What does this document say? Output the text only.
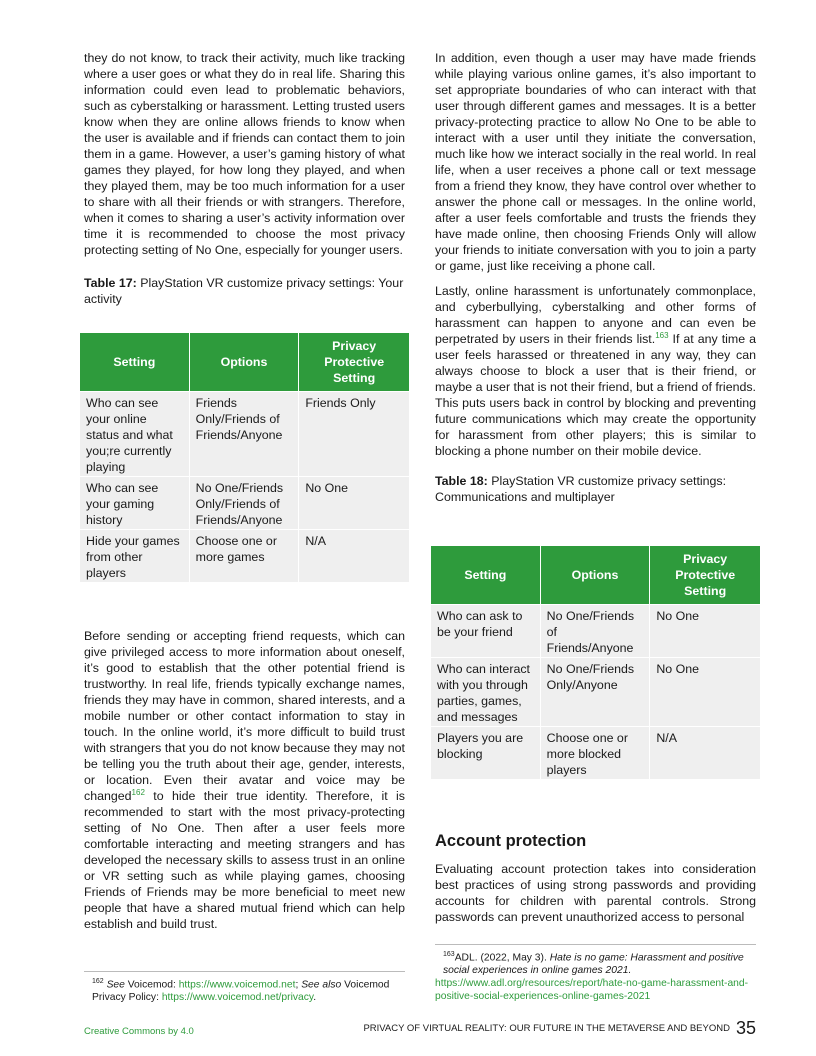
they do not know, to track their activity, much like tracking where a user goes or what they do in real life. Sharing this information could even lead to problematic behaviors, such as cyberstalking or harassment. Letting trusted users know when they are online allows friends to know when the user is available and if friends can contact them to join them in a game. However, a user’s gaming history of what games they played, for how long they played, and when they played them, may be too much information for a user to share with all their friends or with strangers. Therefore, when it comes to sharing a user’s activity information over time it is recommended to choose the most privacy protecting setting of No One, especially for younger users.

Table 17: PlayStation VR customize privacy settings: Your activity
Setting	Options	Privacy Protective Setting
Who can see your online status and what you;re currently playing	Friends Only/Friends of Friends/Anyone	Friends Only
Who can see your gaming history	No One/Friends Only/Friends of Friends/Anyone	No One
Hide your games from other players	Choose one or more games	N/A

Before sending or accepting friend requests, which can give privileged access to more information about oneself, it’s good to establish that the other potential friend is trustworthy. In real life, friends typically exchange names, friends they may have in common, shared interests, and a mobile number or other contact information to stay in touch. In the online world, it’s more difficult to build trust with strangers that you do not know because they may not be telling you the truth about their age, gender, interests, or location. Even their avatar and voice may be changed$^{162}$ to hide their true identity. Therefore, it is recommended to start with the most privacy-protecting setting of No One. Then after a user feels more comfortable interacting and meeting strangers and has developed the necessary skills to assess trust in an online or VR setting such as while playing games, choosing Friends of Friends may be more beneficial to meet new people that have a shared mutual friend which can help establish and build trust.

In addition, even though a user may have made friends while playing various online games, it’s also important to set appropriate boundaries of who can interact with that user through different games and messages. It is a better privacy-protecting practice to allow No One to be able to interact with a user until they initiate the conversation, much like how we interact socially in the real world. In real life, when a user receives a phone call or text message from a friend they know, they have control over whether to answer the phone call or messages. In the online world, after a user feels comfortable and trusts the friends they have made online, then choosing Friends Only will allow your friends to initiate conversation with you to join a party or game, just like receiving a phone call.

Lastly, online harassment is unfortunately commonplace, and cyberbullying, cyberstalking and other forms of harassment can happen to anyone and can even be perpetrated by users in their friends list.$^{163}$ If at any time a user feels harassed or threatened in any way, they can always choose to block a user that is their friend, or maybe a user that is not their friend, but a friend of friends. This puts users back in control by blocking and preventing future communications which may create the opportunity for harassment from other players; this is similar to blocking a phone number on their mobile device.

Table 18: PlayStation VR customize privacy settings: Communications and multiplayer
Setting	Options	Privacy Protective Setting
Who can ask to be your friend	No One/Friends of Friends/Anyone	No One
Who can interact with you through parties, games, and messages	No One/Friends Only/Anyone	No One
Players you are blocking	Choose one or more blocked players	N/A
Account protection

Evaluating account protection takes into consideration best practices of using strong passwords and providing accounts for children with parental controls. Strong passwords can prevent unauthorized access to personal

$^{163}$ADL. (2022, May 3). Hate is no game: Harassment and positive social experiences in online games 2021.
https://www.adl.org/resources/report/hate-no-game-harassment-and-positive-social-experiences-online-games-2021
$^{162}$ See Voicemod: https://www.voicemod.net; See also Voicemod Privacy Policy: https://www.voicemod.net/privacy.
Creative Commons by 4.0	PRIVACY OF VIRTUAL REALITY: OUR FUTURE IN THE METAVERSE AND BEYOND 35
